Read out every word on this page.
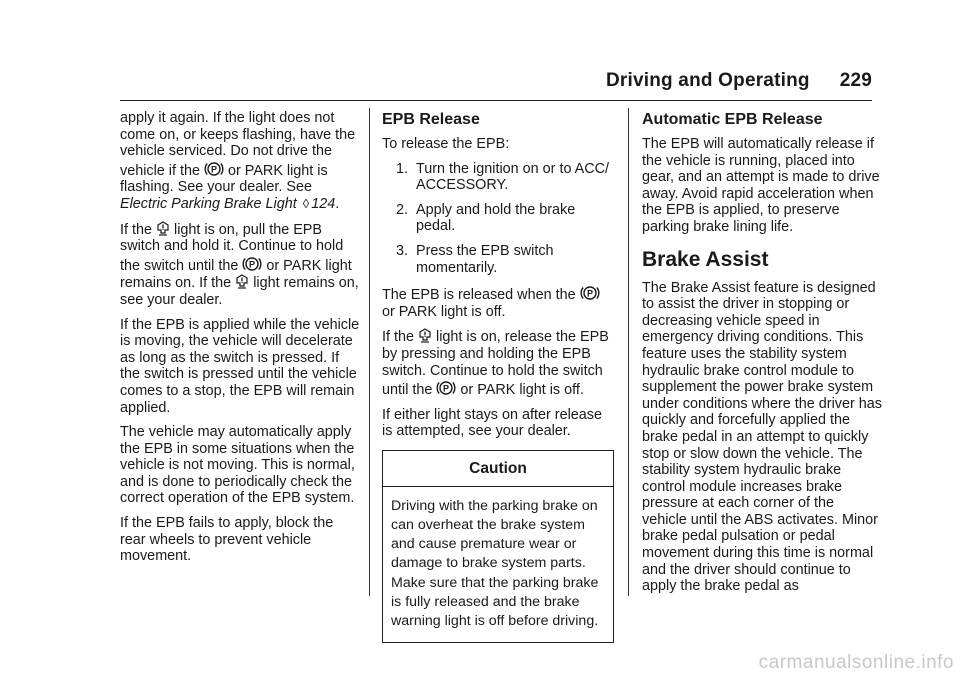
Driving and Operating 229

apply it again. If the light does not come on, or keeps flashing, have the vehicle serviced. Do not drive the vehicle if the P or PARK light is flashing. See your dealer. See Electric Parking Brake Light ◊ 124.

If the light is on, pull the EPB switch and hold it. Continue to hold the switch until the P or PARK light remains on. If the light remains on, see your dealer.

If the EPB is applied while the vehicle is moving, the vehicle will decelerate as long as the switch is pressed. If the switch is pressed until the vehicle comes to a stop, the EPB will remain applied.

The vehicle may automatically apply the EPB in some situations when the vehicle is not moving. This is normal, and is done to periodically check the correct operation of the EPB system.

If the EPB fails to apply, block the rear wheels to prevent vehicle movement.

EPB Release

To release the EPB:

1. Turn the ignition on or to ACC/ ACCESSORY.
2. Apply and hold the brake pedal.
3. Press the EPB switch momentarily.

The EPB is released when the P
or PARK light is off.

If the light is on, release the EPB by pressing and holding the EPB switch. Continue to hold the switch until the P or PARK light is off.

If either light stays on after release is attempted, see your dealer.

Caution
Driving with the parking brake on can overheat the brake system and cause premature wear or damage to brake system parts. Make sure that the parking brake is fully released and the brake warning light is off before driving.
Automatic EPB Release

The EPB will automatically release if the vehicle is running, placed into gear, and an attempt is made to drive away. Avoid rapid acceleration when the EPB is applied, to preserve parking brake lining life.

Brake Assist

The Brake Assist feature is designed to assist the driver in stopping or decreasing vehicle speed in emergency driving conditions. This feature uses the stability system hydraulic brake control module to supplement the power brake system under conditions where the driver has quickly and forcefully applied the brake pedal in an attempt to quickly stop or slow down the vehicle. The stability system hydraulic brake control module increases brake pressure at each corner of the vehicle until the ABS activates. Minor brake pedal pulsation or pedal movement during this time is normal and the driver should continue to apply the brake pedal as

carmanualsonline.info
